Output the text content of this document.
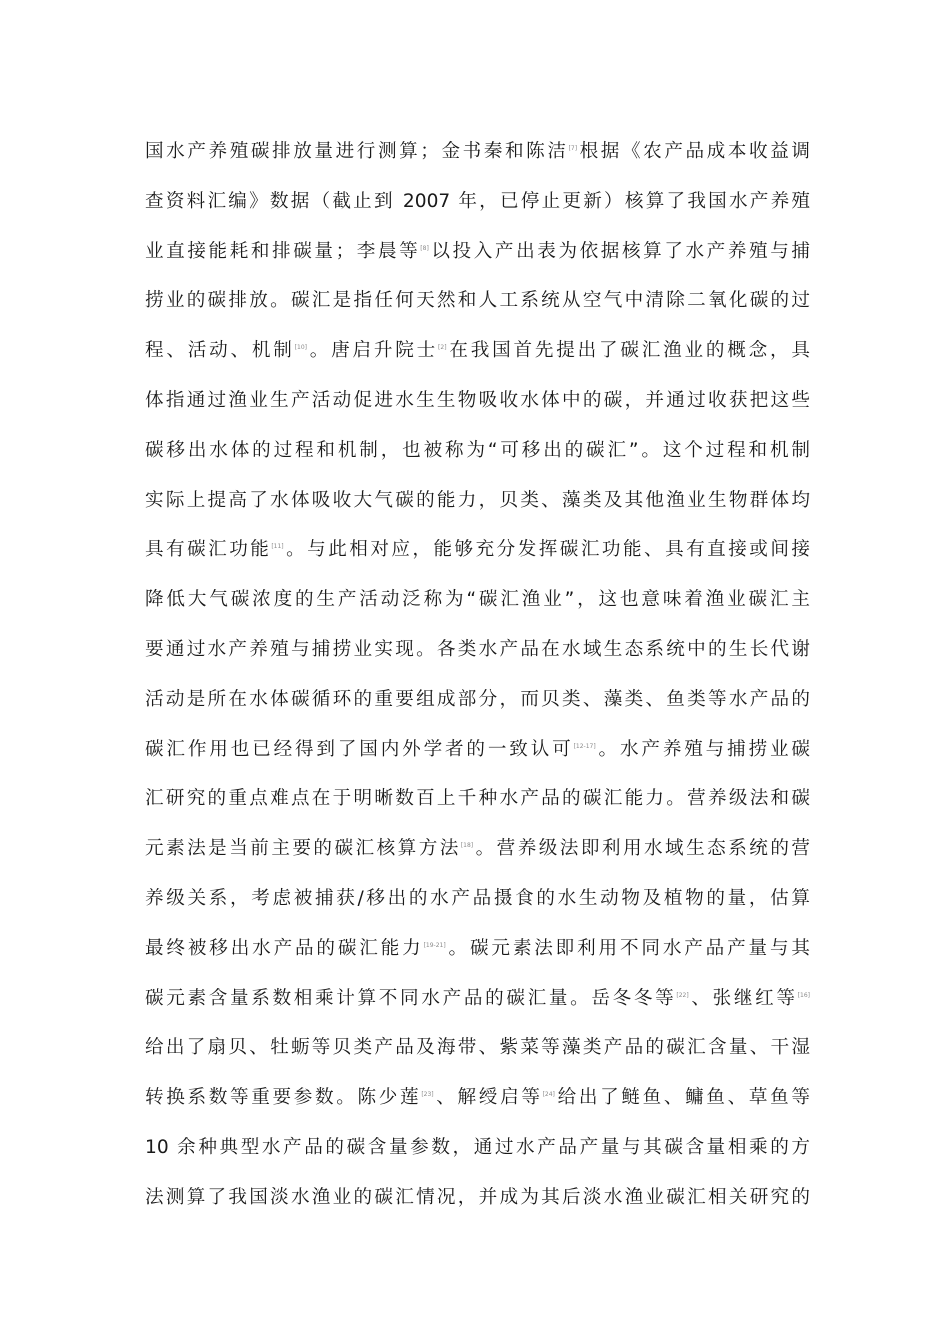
国水产养殖碳排放量进行测算；金书秦和陈洁[7]根据《农产品成本收益调
查资料汇编》数据（截止到 2007 年，已停止更新）核算了我国水产养殖
业直接能耗和排碳量；李晨等[8]以投入产出表为依据核算了水产养殖与捕
捞业的碳排放。碳汇是指任何天然和人工系统从空气中清除二氧化碳的过
程、活动、机制[10]。唐启升院士[2]在我国首先提出了碳汇渔业的概念，具
体指通过渔业生产活动促进水生生物吸收水体中的碳，并通过收获把这些
碳移出水体的过程和机制，也被称为“可移出的碳汇”。这个过程和机制
实际上提高了水体吸收大气碳的能力，贝类、藻类及其他渔业生物群体均
具有碳汇功能[11]。与此相对应，能够充分发挥碳汇功能、具有直接或间接
降低大气碳浓度的生产活动泛称为“碳汇渔业”，这也意味着渔业碳汇主
要通过水产养殖与捕捞业实现。各类水产品在水域生态系统中的生长代谢
活动是所在水体碳循环的重要组成部分，而贝类、藻类、鱼类等水产品的
碳汇作用也已经得到了国内外学者的一致认可[12-17]。水产养殖与捕捞业碳
汇研究的重点难点在于明晰数百上千种水产品的碳汇能力。营养级法和碳
元素法是当前主要的碳汇核算方法[18]。营养级法即利用水域生态系统的营
养级关系，考虑被捕获/移出的水产品摄食的水生动物及植物的量，估算
最终被移出水产品的碳汇能力[19-21]。碳元素法即利用不同水产品产量与其
碳元素含量系数相乘计算不同水产品的碳汇量。岳冬冬等[22]、张继红等[16]
给出了扇贝、牡蛎等贝类产品及海带、紫菜等藻类产品的碳汇含量、干湿
转换系数等重要参数。陈少莲[23]、解绶启等[24]给出了鲢鱼、鳙鱼、草鱼等
10 余种典型水产品的碳含量参数，通过水产品产量与其碳含量相乘的方
法测算了我国淡水渔业的碳汇情况，并成为其后淡水渔业碳汇相关研究的
